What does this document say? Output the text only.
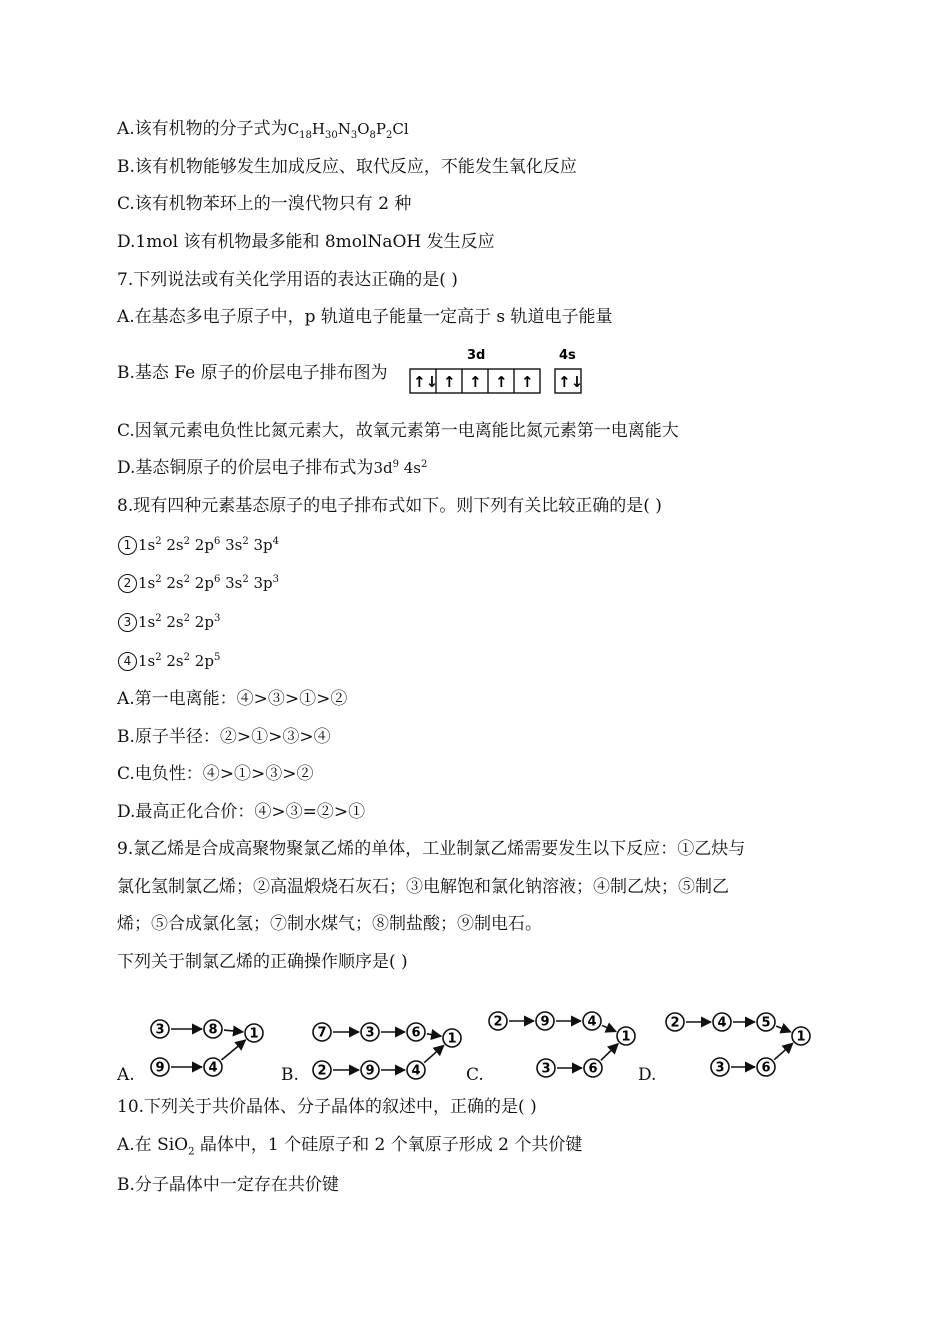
A.该有机物的分子式为$C_{18}H_{30}N_3O_8P_2Cl$
B.该有机物能够发生加成反应、取代反应，不能发生氧化反应
C.该有机物苯环上的一溴代物只有 2 种
D.1mol 该有机物最多能和 8molNaOH 发生反应
7.下列说法或有关化学用语的表达正确的是( )
A.在基态多电子原子中，p 轨道电子能量一定高于 s 轨道电子能量
B.基态 Fe 原子的价层电子排布图为
3d	4s
↑↓ ↑ ↑ ↑ ↑ ↑↓
C.因氧元素电负性比氮元素大，故氧元素第一电离能比氮元素第一电离能大
D.基态铜原子的价层电子排布式为$3d^9$ $4s^2$
8.现有四种元素基态原子的电子排布式如下。则下列有关比较正确的是( )
1 $1s^2$ $2s^2$ $2p^6$ $3s^2$ $3p^4$
2 $1s^2$ $2s^2$ $2p^6$ $3s^2$ $3p^3$
3 $1s^2$ $2s^2$ $2p^3$
4 $1s^2$ $2s^2$ $2p^5$
A.第一电离能：④>③>①>②
B.原子半径：②>①>③>④
C.电负性：④>①>③>②
D.最高正化合价：④>③=②>①
9.氯乙烯是合成高聚物聚氯乙烯的单体，工业制氯乙烯需要发生以下反应：①乙炔与
氯化氢制氯乙烯；②高温煅烧石灰石；③电解饱和氯化钠溶液；④制乙炔；⑤制乙
烯；⑤合成氯化氢；⑦制水煤气；⑧制盐酸；⑨制电石。
下列关于制氯乙烯的正确操作顺序是( )
3	8
9	4
1	7	3	6
2	9	4
1
2	9	4
3	6
1
2	4	5
3	6
1
A.	B.	C.	D.
10.下列关于共价晶体、分子晶体的叙述中，正确的是( )
A.在 SiO$_2$ 晶体中，1 个硅原子和 2 个氧原子形成 2 个共价键
B.分子晶体中一定存在共价键
